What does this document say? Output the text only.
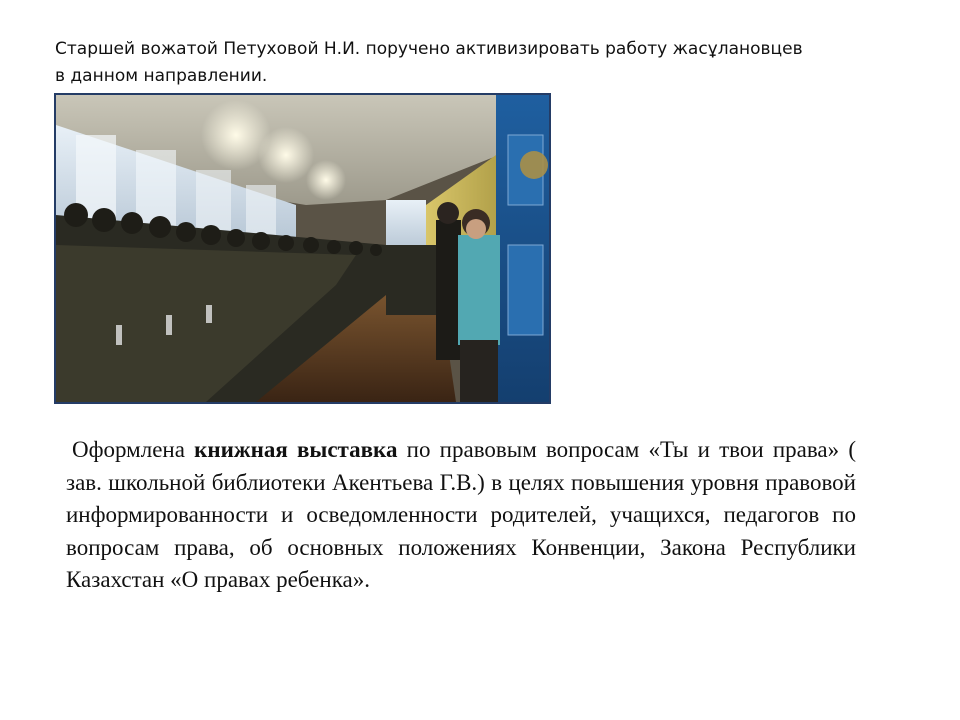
Старшей вожатой Петуховой Н.И. поручено активизировать работу жасұлановцев
в данном направлении.
Оформлена книжная выставка по правовым вопросам «Ты и твои права» ( зав. школьной библиотеки Акентьева Г.В.) в целях повышения уровня правовой информированности и осведомленности родителей, учащихся, педагогов по вопросам права, об основных положениях Конвенции, Закона Республики Казахстан «О правах ребенка».
